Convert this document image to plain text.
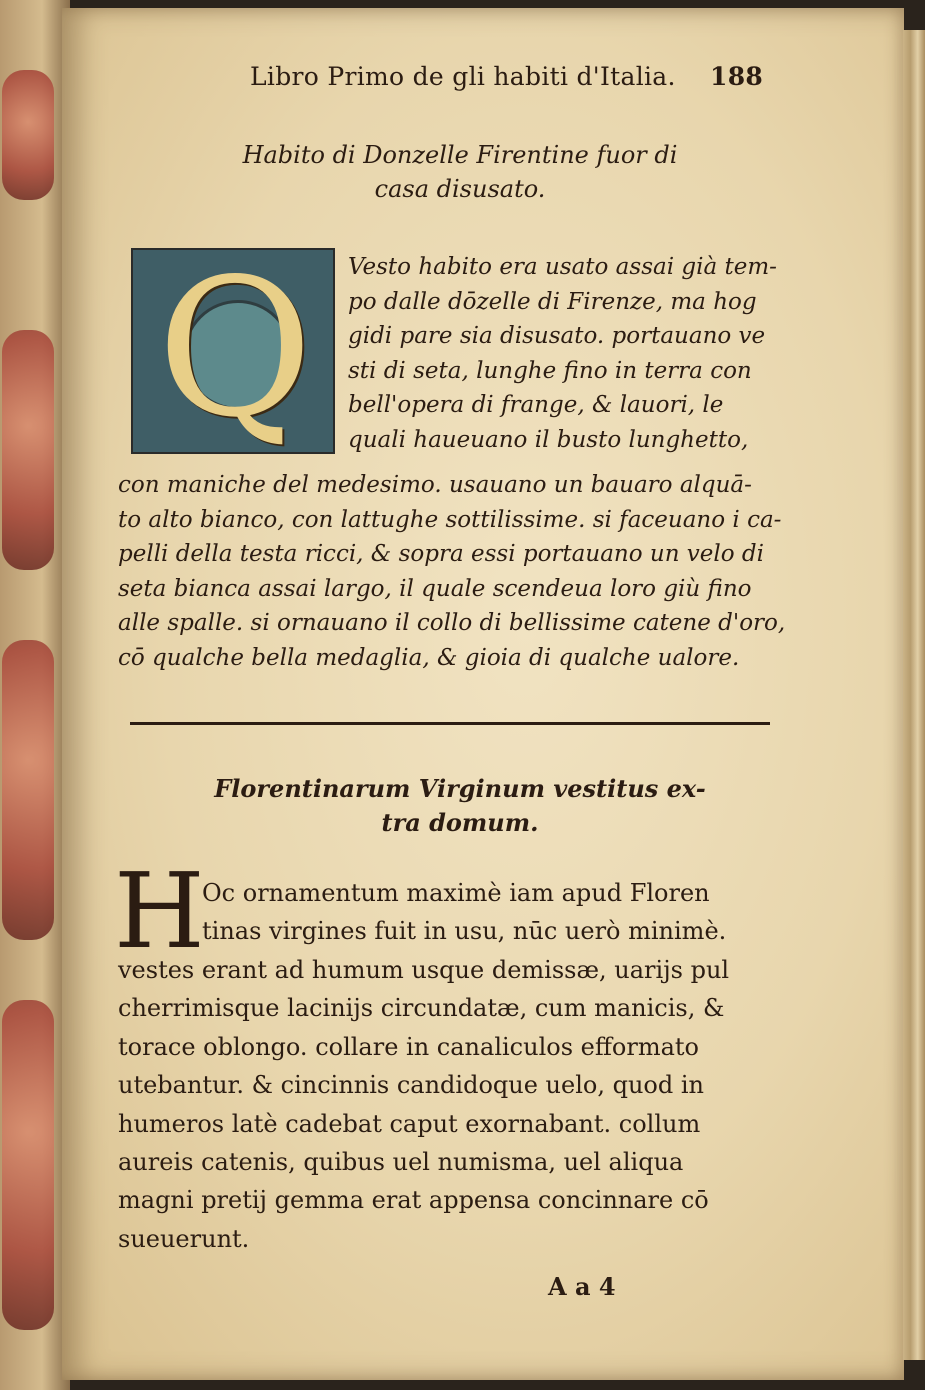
Libro Primo de gli habiti d'Italia. 188
Habito di Donzelle Firentine fuor di
casa disusato.
Q	Vesto habito era usato assai già tem-
po dalle dōzelle di Firenze, ma hog
gidi pare sia disusato. portauano ve
sti di seta, lunghe fino in terra con
bell'opera di frange, & lauori, le
quali haueuano il busto lunghetto,
con maniche del medesimo. usauano un bauaro alquā-
to alto bianco, con lattughe sottilissime. si faceuano i ca-
pelli della testa ricci, & sopra essi portauano un velo di
seta bianca assai largo, il quale scendeua loro giù fino
alle spalle. si ornauano il collo di bellissime catene d'oro,
cō qualche bella medaglia, & gioia di qualche ualore.
Florentinarum Virginum vestitus ex-
tra domum.
H
Oc ornamentum maximè iam apud Floren
tinas virgines fuit in usu, nūc uerò minimè.
vestes erant ad humum usque demissæ, uarijs pul
cherrimisque lacinijs circundatæ, cum manicis, &
torace oblongo. collare in canaliculos efformato
utebantur. & cincinnis candidoque uelo, quod in
humeros latè cadebat caput exornabant. collum
aureis catenis, quibus uel numisma, uel aliqua
magni pretij gemma erat appensa concinnare cō
sueuerunt.
A a 4
